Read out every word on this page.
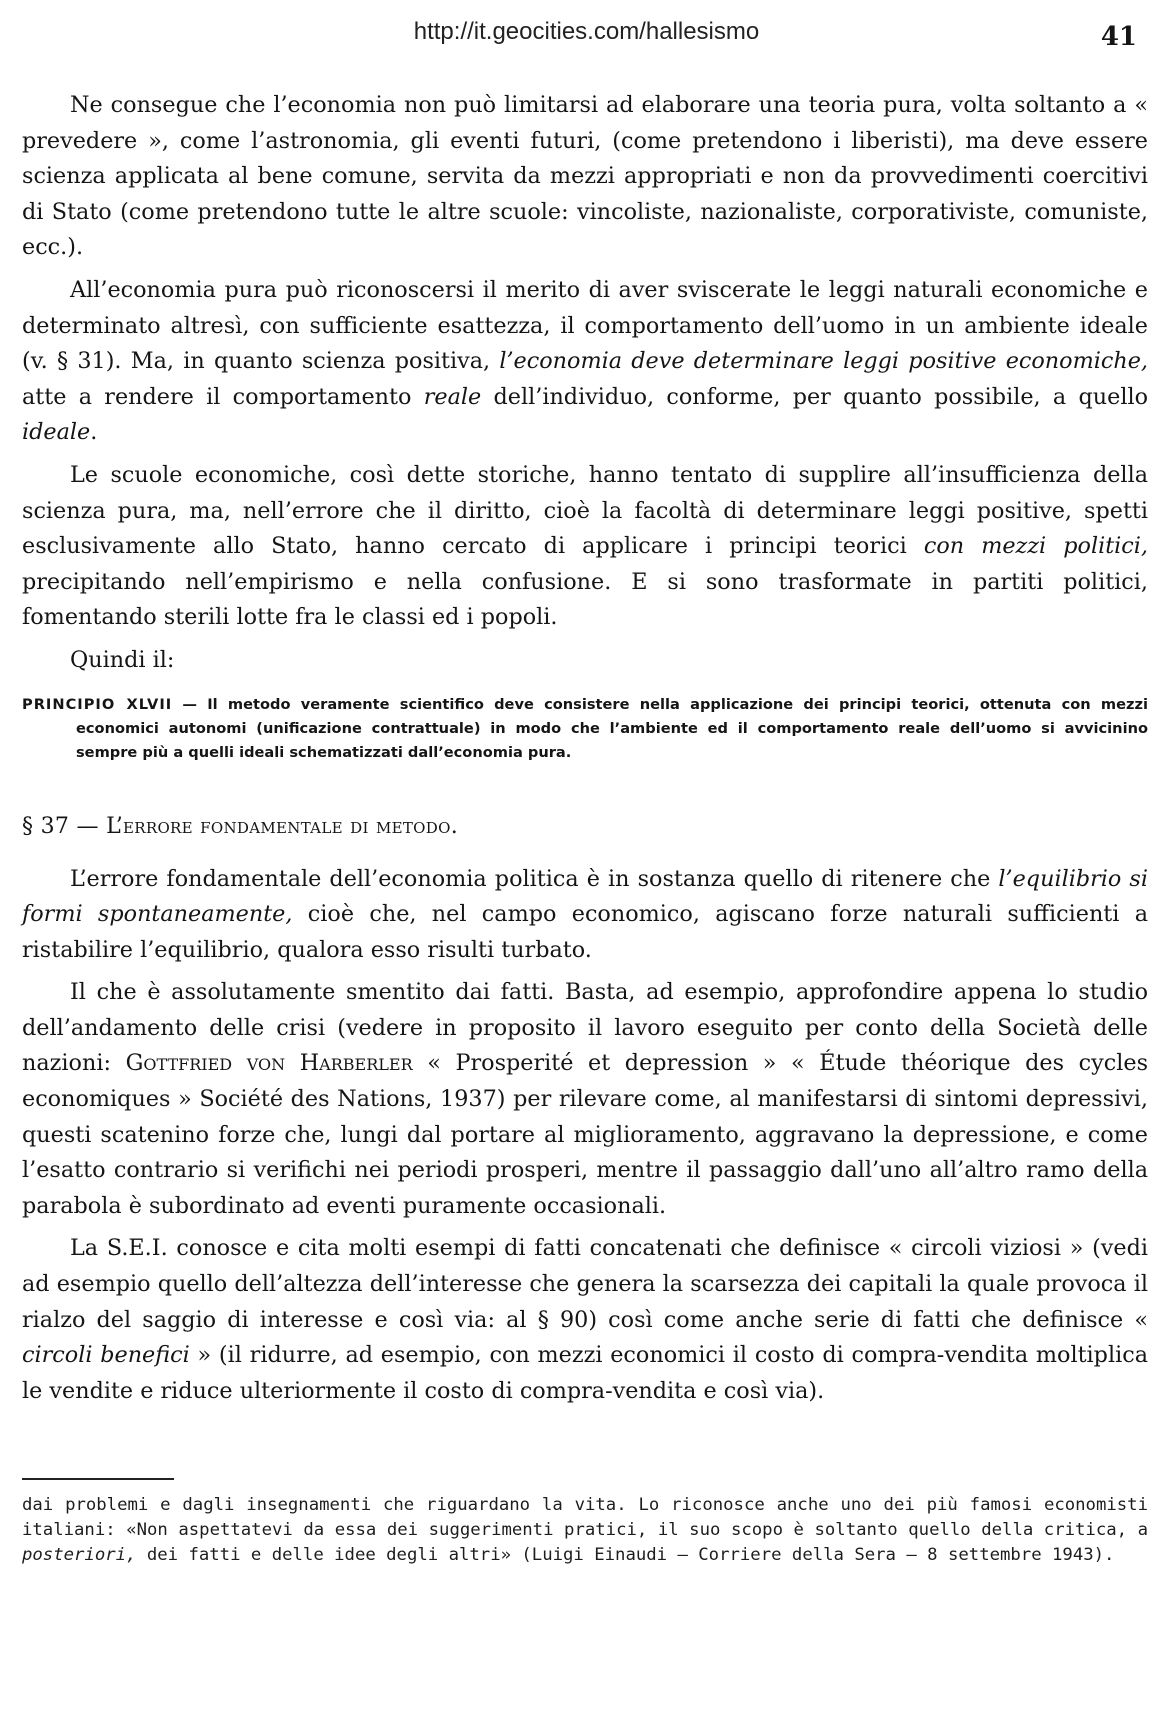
http://it.geocities.com/hallesismo	41

Ne consegue che l’economia non può limitarsi ad elaborare una teoria pura, volta soltanto a « prevedere », come l’astronomia, gli eventi futuri, (come pretendono i liberisti), ma deve essere scienza applicata al bene comune, servita da mezzi appropriati e non da provvedimenti coercitivi di Stato (come pretendono tutte le altre scuole: vincoliste, nazionaliste, corporativiste, comuniste, ecc.).

All’economia pura può riconoscersi il merito di aver sviscerate le leggi naturali economiche e determinato altresì, con sufficiente esattezza, il comportamento dell’uomo in un ambiente ideale (v. § 31). Ma, in quanto scienza positiva, l’economia deve determinare leggi positive economiche, atte a rendere il comportamento reale dell’individuo, conforme, per quanto possibile, a quello ideale.

Le scuole economiche, così dette storiche, hanno tentato di supplire all’insufficienza della scienza pura, ma, nell’errore che il diritto, cioè la facoltà di determinare leggi positive, spetti esclusivamente allo Stato, hanno cercato di applicare i principi teorici con mezzi politici, precipitando nell’empirismo e nella confusione. E si sono trasformate in partiti politici, fomentando sterili lotte fra le classi ed i popoli.

Quindi il:

PRINCIPIO XLVII — Il metodo veramente scientifico deve consistere nella applicazione dei principi teorici, ottenuta con mezzi economici autonomi (unificazione contrattuale) in modo che l’ambiente ed il comportamento reale dell’uomo si avvicinino sempre più a quelli ideali schematizzati dall’economia pura.
§ 37 — L’errore fondamentale di metodo.

L’errore fondamentale dell’economia politica è in sostanza quello di ritenere che l’equilibrio si formi spontaneamente, cioè che, nel campo economico, agiscano forze naturali sufficienti a ristabilire l’equilibrio, qualora esso risulti turbato.

Il che è assolutamente smentito dai fatti. Basta, ad esempio, approfondire appena lo studio dell’andamento delle crisi (vedere in proposito il lavoro eseguito per conto della Società delle nazioni: Gottfried von Harberler « Prosperité et depression » « Étude théorique des cycles economiques » Société des Nations, 1937) per rilevare come, al manifestarsi di sintomi depressivi, questi scatenino forze che, lungi dal portare al miglioramento, aggravano la depressione, e come l’esatto contrario si verifichi nei periodi prosperi, mentre il passaggio dall’uno all’altro ramo della parabola è subordinato ad eventi puramente occasionali.

La S.E.I. conosce e cita molti esempi di fatti concatenati che definisce « circoli viziosi » (vedi ad esempio quello dell’altezza dell’interesse che genera la scarsezza dei capitali la quale provoca il rialzo del saggio di interesse e così via: al § 90) così come anche serie di fatti che definisce « circoli benefici » (il ridurre, ad esempio, con mezzi economici il costo di compra-vendita moltiplica le vendite e riduce ulteriormente il costo di compra-vendita e così via).

dai problemi e dagli insegnamenti che riguardano la vita. Lo riconosce anche uno dei più famosi economisti italiani: «Non aspettatevi da essa dei suggerimenti pratici, il suo scopo è soltanto quello della critica, a posteriori, dei fatti e delle idee degli altri» (Luigi Einaudi — Corriere della Sera — 8 settembre 1943).
